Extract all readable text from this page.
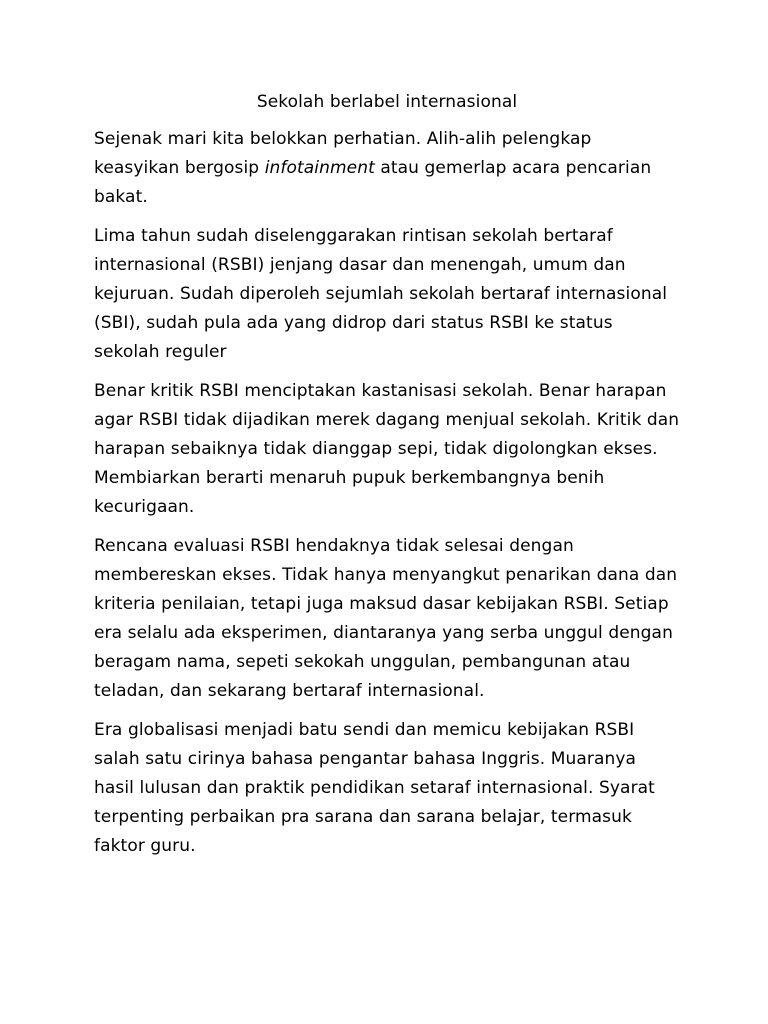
Sekolah berlabel internasional

Sejenak mari kita belokkan perhatian. Alih-alih pelengkap keasyikan bergosip infotainment atau gemerlap acara pencarian bakat.

Lima tahun sudah diselenggarakan rintisan sekolah bertaraf internasional (RSBI) jenjang dasar dan menengah, umum dan kejuruan. Sudah diperoleh sejumlah sekolah bertaraf internasional (SBI), sudah pula ada yang didrop dari status RSBI ke status sekolah reguler

Benar kritik RSBI menciptakan kastanisasi sekolah. Benar harapan agar RSBI tidak dijadikan merek dagang menjual sekolah. Kritik dan harapan sebaiknya tidak dianggap sepi, tidak digolongkan ekses. Membiarkan berarti menaruh pupuk berkembangnya benih kecurigaan.

Rencana evaluasi RSBI hendaknya tidak selesai dengan membereskan ekses. Tidak hanya menyangkut penarikan dana dan kriteria penilaian, tetapi juga maksud dasar kebijakan RSBI. Setiap era selalu ada eksperimen, diantaranya yang serba unggul dengan beragam nama, sepeti sekokah unggulan, pembangunan atau teladan, dan sekarang bertaraf internasional.

Era globalisasi menjadi batu sendi dan memicu kebijakan RSBI salah satu cirinya bahasa pengantar bahasa Inggris. Muaranya hasil lulusan dan praktik pendidikan setaraf internasional. Syarat terpenting perbaikan pra sarana dan sarana belajar, termasuk faktor guru.
